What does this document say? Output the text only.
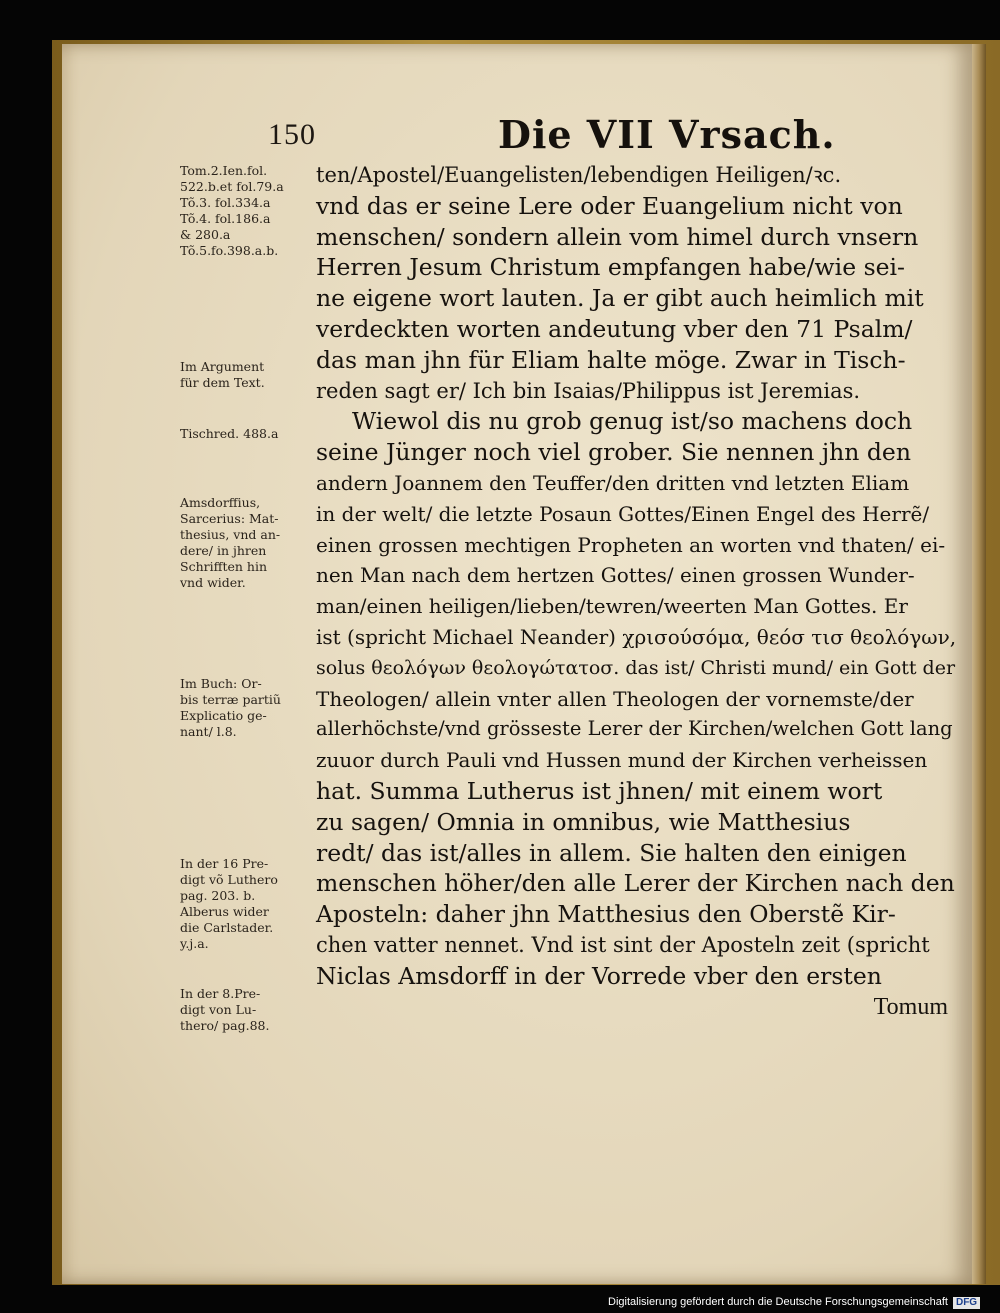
150	Die VII Vrsach.
Tom.2.Ien.fol.
522.b.et fol.79.a
Tõ.3. fol.334.a
Tõ.4. fol.186.a
& 280.a
Tõ.5.fo.398.a.b.
Im Argument
für dem Text.
Tischred. 488.a
Amsdorffius,
Sarcerius: Mat-
thesius, vnd an-
dere/ in jhren
Schrifften hin
vnd wider.
Im Buch: Or-
bis terræ partiũ
Explicatio ge-
nant/ l.8.
In der 16 Pre-
digt võ Luthero
pag. 203. b.
Alberus wider
die Carlstader.
y.j.a.
In der 8.Pre-
digt von Lu-
thero/ pag.88.
ten/Apostel/Euangelisten/lebendigen Heiligen/ꝛc.
vnd das er seine Lere oder Euangelium nicht von
menschen/ sondern allein vom himel durch vnsern
Herren Jesum Christum empfangen habe/wie sei-
ne eigene wort lauten. Ja er gibt auch heimlich mit
verdeckten worten andeutung vber den 71 Psalm/
das man jhn für Eliam halte möge. Zwar in Tisch-
reden sagt er/ Ich bin Isaias/Philippus ist Jeremias.
Wiewol dis nu grob genug ist/so machens doch
seine Jünger noch viel grober. Sie nennen jhn den
andern Joannem den Teuffer/den dritten vnd letzten Eliam
in der welt/ die letzte Posaun Gottes/Einen Engel des Herrẽ/
einen grossen mechtigen Propheten an worten vnd thaten/ ei-
nen Man nach dem hertzen Gottes/ einen grossen Wunder-
man/einen heiligen/lieben/tewren/weerten Man Gottes. Er
ist (spricht Michael Neander) χρισούσόμα, θεόσ τισ θεολόγων,
solus θεολόγων θεολογώτατοσ. das ist/ Christi mund/ ein Gott der
Theologen/ allein vnter allen Theologen der vornemste/der
allerhöchste/vnd grösseste Lerer der Kirchen/welchen Gott lang
zuuor durch Pauli vnd Hussen mund der Kirchen verheissen
hat. Summa Lutherus ist jhnen/ mit einem wort
zu sagen/ Omnia in omnibus, wie Matthesius
redt/ das ist/alles in allem. Sie halten den einigen
menschen höher/den alle Lerer der Kirchen nach den
Aposteln: daher jhn Matthesius den Oberstẽ Kir-
chen vatter nennet. Vnd ist sint der Aposteln zeit (spricht
Niclas Amsdorff in der Vorrede vber den ersten
Tomum
Digitalisierung gefördert durch die Deutsche Forschungsgemeinschaft DFG
